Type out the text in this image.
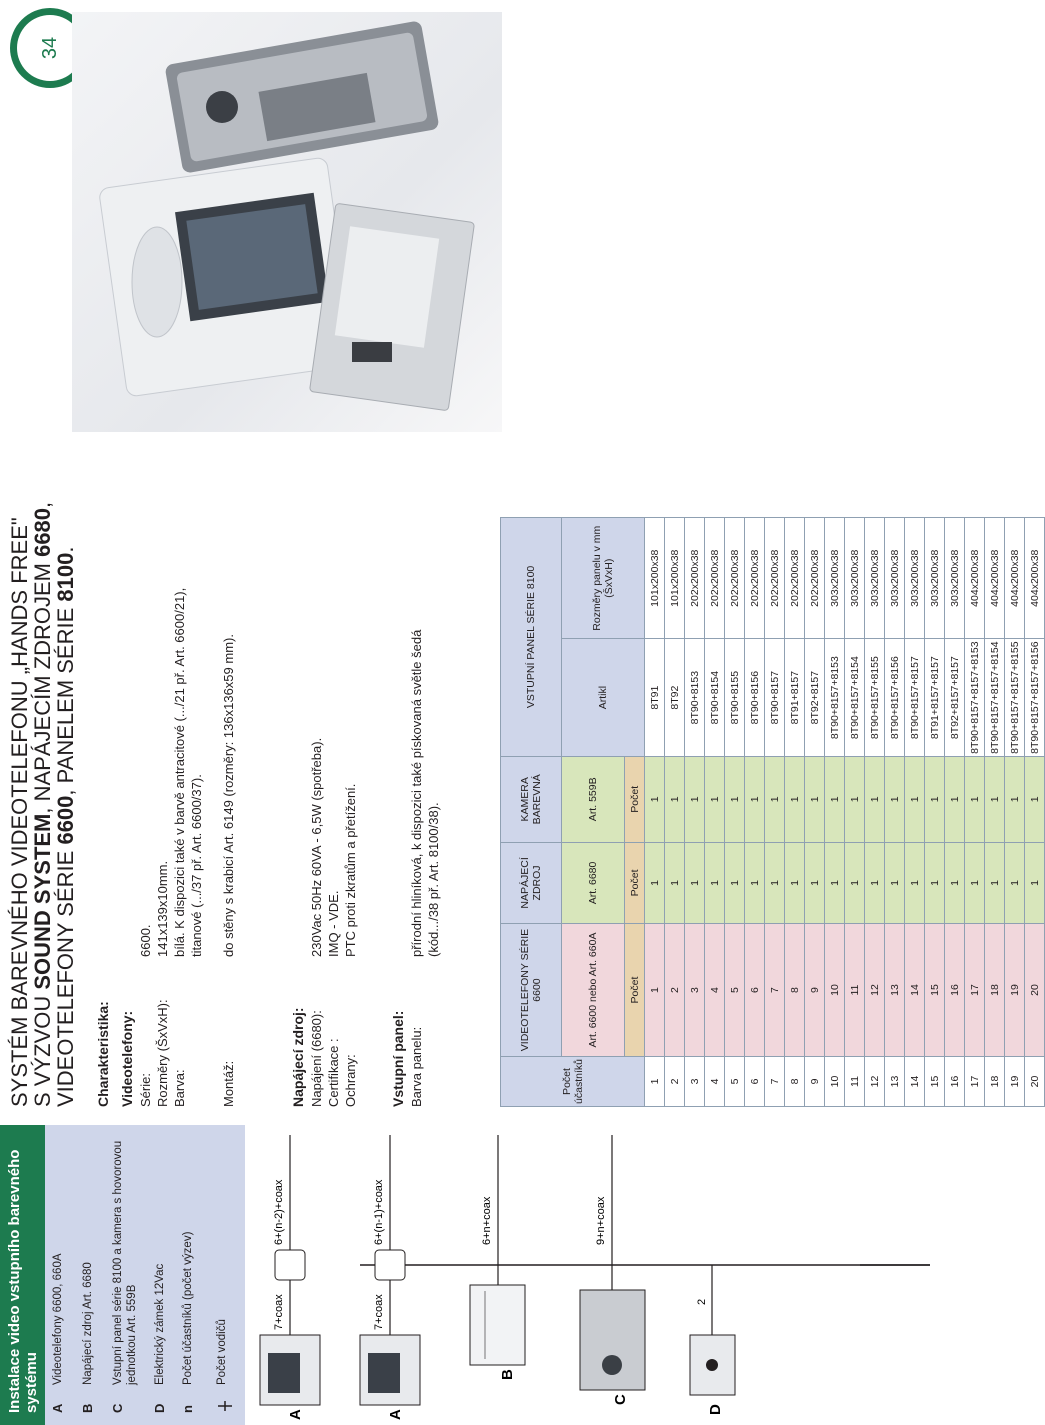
34
Instalace video vstupního barevného systému A
Videotelefony 6600, 660A
B
Napájecí zdroj Art. 6680
C
Vstupní panel série 8100 a kamera s hovorovou jednotkou Art. 559B
D
Elektrický zámek 12Vac
n
Počet účastníků (počet výzev) Počet vodičů
A
7+coax
6+(n-2)+coax
A
7+coax
6+(n-1)+coax
B
6+n+coax
C
9+n+coax
D
2
SYSTÉM BAREVNÉHO VIDEOTELEFONU „HANDS FREE"
S VÝZVOU SOUND SYSTEM, NAPÁJECÍM ZDROJEM 6680,
VIDEOTELEFONY SÉRIE 6600, PANELEM SÉRIE 8100.
Charakteristika: Videotelefony: Série:
6600.
Rozměry (ŠxVxH):
141x139x10mm.
Barva:
bílá. K dispozici také v barvě antracitové (.../21 př. Art. 6600/21), titanové (.../37 př. Art. 6600/37).
Montáž:
do stěny s krabicí Art. 6149 (rozměry: 136x136x59 mm).
Napájecí zdroj: Napájení (6680):
230Vac 50Hz 60VA - 6,5W (spotřeba).
Certifikace :
IMQ - VDE.
Ochrany:
PTC proti zkratům a přetížení.
Vstupní panel: Barva panelu:
přírodní hliníková, k dispozici také pískovaná světle šedá (kód.../38 př. Art. 8100/38).
Počet účastníků	VIDEOTELEFONY SÉRIE 6600	NAPÁJECÍ ZDROJ	KAMERA BAREVNÁ	VSTUPNÍ PANEL SÉRIE 8100	
	Art. 6600 nebo Art. 660A	Art. 6680	Art. 559B	Artikl	Rozměry panelu v mm (ŠxVxH)
	Počet	Počet	Počet		
1	1	1	1	8T91	101x200x38
2	2	1	1	8T92	101x200x38
3	3	1	1	8T90+8153	202x200x38
4	4	1	1	8T90+8154	202x200x38
5	5	1	1	8T90+8155	202x200x38
6	6	1	1	8T90+8156	202x200x38
7	7	1	1	8T90+8157	202x200x38
8	8	1	1	8T91+8157	202x200x38
9	9	1	1	8T92+8157	202x200x38
10	10	1	1	8T90+8157+8153	303x200x38
11	11	1	1	8T90+8157+8154	303x200x38
12	12	1	1	8T90+8157+8155	303x200x38
13	13	1	1	8T90+8157+8156	303x200x38
14	14	1	1	8T90+8157+8157	303x200x38
15	15	1	1	8T91+8157+8157	303x200x38
16	16	1	1	8T92+8157+8157	303x200x38
17	17	1	1	8T90+8157+8157+8153	404x200x38
18	18	1	1	8T90+8157+8157+8154	404x200x38
19	19	1	1	8T90+8157+8157+8155	404x200x38
20	20	1	1	8T90+8157+8157+8156	404x200x38
